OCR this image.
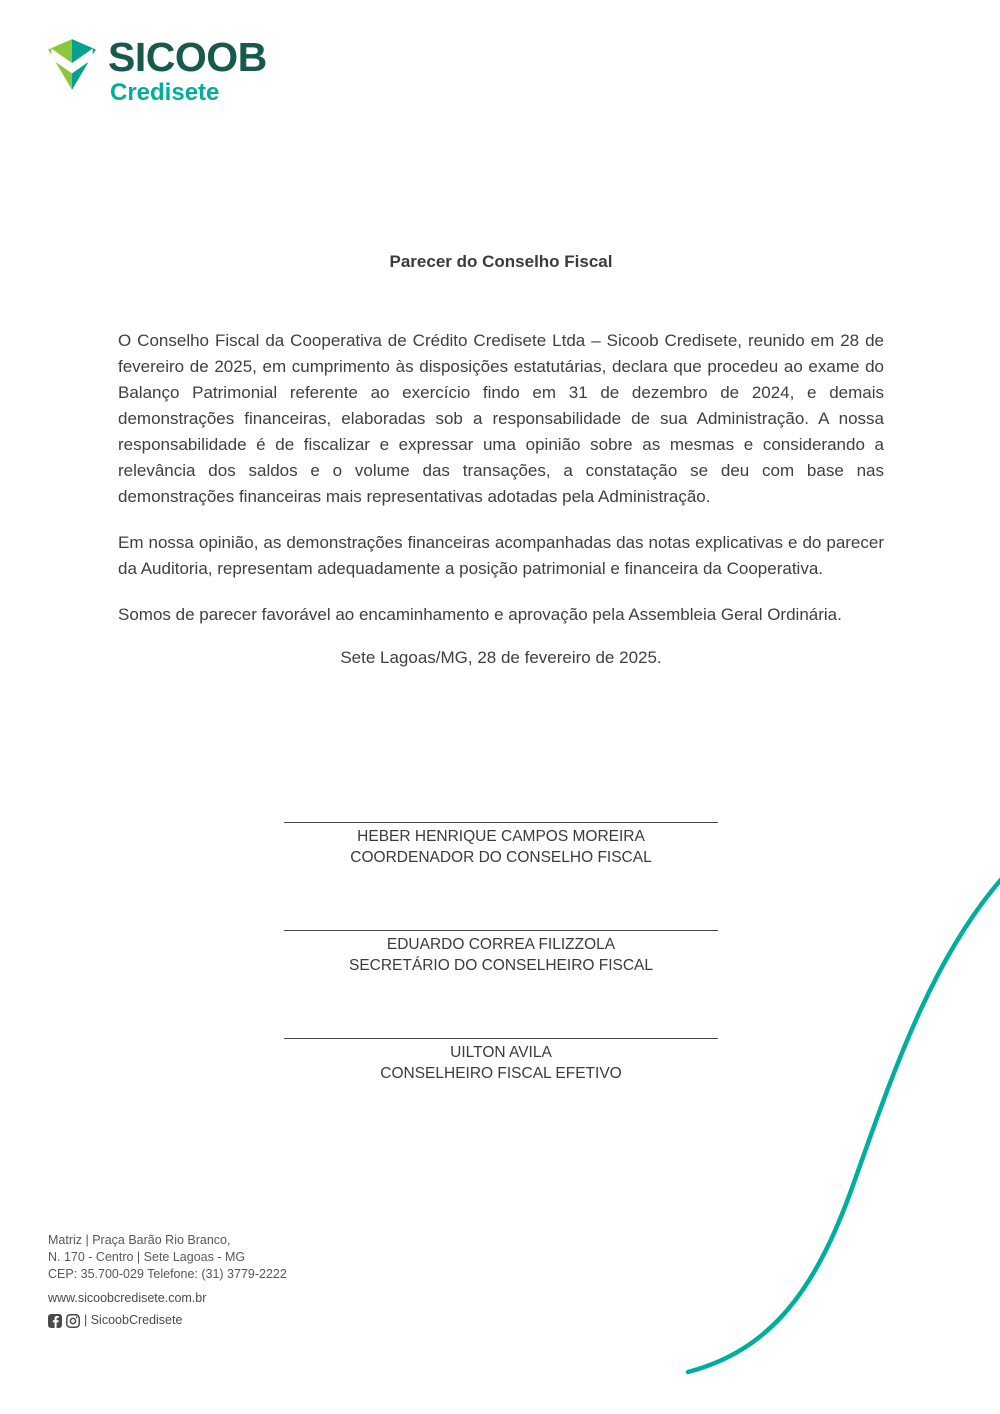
SICOOB
Credisete
Parecer do Conselho Fiscal

O Conselho Fiscal da Cooperativa de Crédito Credisete Ltda – Sicoob Credisete, reunido em 28 de fevereiro de 2025, em cumprimento às disposições estatutárias, declara que procedeu ao exame do Balanço Patrimonial referente ao exercício findo em 31 de dezembro de 2024, e demais demonstrações financeiras, elaboradas sob a responsabilidade de sua Administração. A nossa responsabilidade é de fiscalizar e expressar uma opinião sobre as mesmas e considerando a relevância dos saldos e o volume das transações, a constatação se deu com base nas demonstrações financeiras mais representativas adotadas pela Administração.

Em nossa opinião, as demonstrações financeiras acompanhadas das notas explicativas e do parecer da Auditoria, representam adequadamente a posição patrimonial e financeira da Cooperativa.

Somos de parecer favorável ao encaminhamento e aprovação pela Assembleia Geral Ordinária.

Sete Lagoas/MG, 28 de fevereiro de 2025.

____________________________________________________
HEBER HENRIQUE CAMPOS MOREIRA
COORDENADOR DO CONSELHO FISCAL
____________________________________________________
EDUARDO CORREA FILIZZOLA
SECRETÁRIO DO CONSELHEIRO FISCAL
____________________________________________________
UILTON AVILA
CONSELHEIRO FISCAL EFETIVO
Matriz | Praça Barão Rio Branco,
N. 170 - Centro | Sete Lagoas - MG
CEP: 35.700-029 Telefone: (31) 3779-2222
www.sicoobcredisete.com.br
| SicoobCredisete
